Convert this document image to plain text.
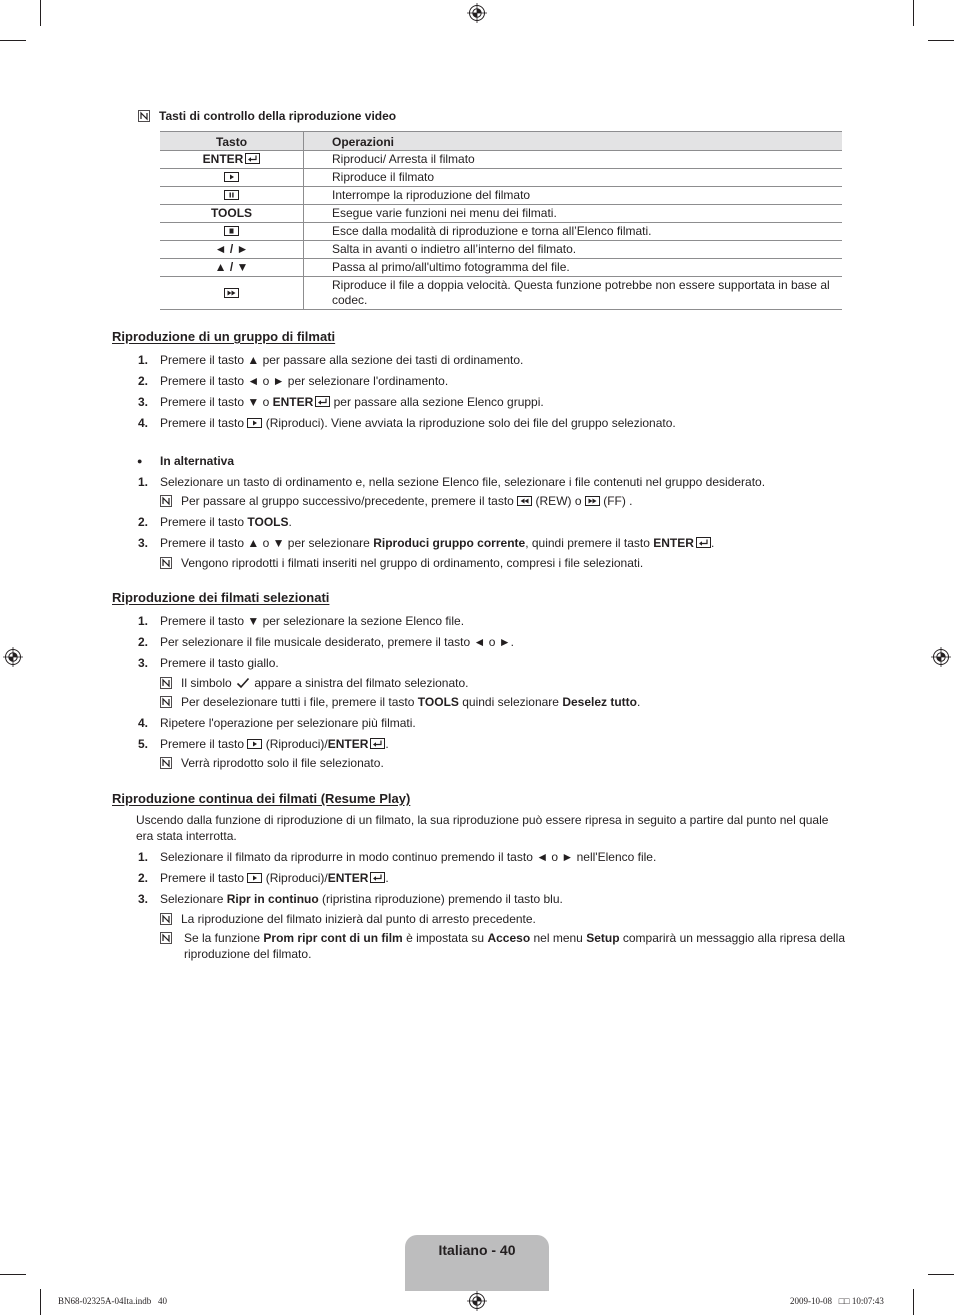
Tasti di controllo della riproduzione video
Tasto	Operazioni
ENTER	Riproduci/ Arresta il filmato

	Riproduce il filmato

	Interrompe la riproduzione del filmato
TOOLS	Esegue varie funzioni nei menu dei filmati.

	Esce dalla modalità di riproduzione e torna all’Elenco filmati.
◄ / ►	Salta in avanti o indietro all’interno del filmato.
▲ / ▼	Passa al primo/all'ultimo fotogramma del file.

	Riproduce il file a doppia velocità. Questa funzione potrebbe non essere supportata in base al codec.
Riproduzione di un gruppo di filmati
1. Premere il tasto ▲ per passare alla sezione dei tasti di ordinamento.
2. Premere il tasto ◄ o ► per selezionare l'ordinamento.
3. Premere il tasto ▼ o ENTER per passare alla sezione Elenco gruppi.
4. Premere il tasto
(Riproduci). Viene avviata la riproduzione solo dei file del gruppo selezionato.
● In alternativa
1. Selezionare un tasto di ordinamento e, nella sezione Elenco file, selezionare i file contenuti nel gruppo desiderato.
Per passare al gruppo successivo/precedente, premere il tasto
(REW) o
(FF) .
2. Premere il tasto TOOLS.
3. Premere il tasto ▲ o ▼ per selezionare Riproduci gruppo corrente, quindi premere il tasto ENTER .
Vengono riprodotti i filmati inseriti nel gruppo di ordinamento, compresi i file selezionati.
Riproduzione dei filmati selezionati
1. Premere il tasto ▼ per selezionare la sezione Elenco file.
2. Per selezionare il file musicale desiderato, premere il tasto ◄ o ►.
3. Premere il tasto giallo.
Il simbolo  appare a sinistra del filmato selezionato.
Per deselezionare tutti i file, premere il tasto TOOLS quindi selezionare Deselez tutto.
4. Ripetere l'operazione per selezionare più filmati.
5. Premere il tasto
(Riproduci)/ENTER .
Verrà riprodotto solo il file selezionato.
Riproduzione continua dei filmati (Resume Play)
Uscendo dalla funzione di riproduzione di un filmato, la sua riproduzione può essere ripresa in seguito a partire dal punto nel quale era stata interrotta.
1. Selezionare il filmato da riprodurre in modo continuo premendo il tasto ◄ o ► nell'Elenco file.
2. Premere il tasto
(Riproduci)/ENTER .
3. Selezionare Ripr in continuo (ripristina riproduzione) premendo il tasto blu.
La riproduzione del filmato inizierà dal punto di arresto precedente.
Se la funzione Prom ripr cont di un film è impostata su Acceso nel menu Setup comparirà un messaggio alla ripresa della riproduzione del filmato.
Italiano - 40
BN68-02325A-04Ita.indb   40	2009-10-08   □□ 10:07:43
